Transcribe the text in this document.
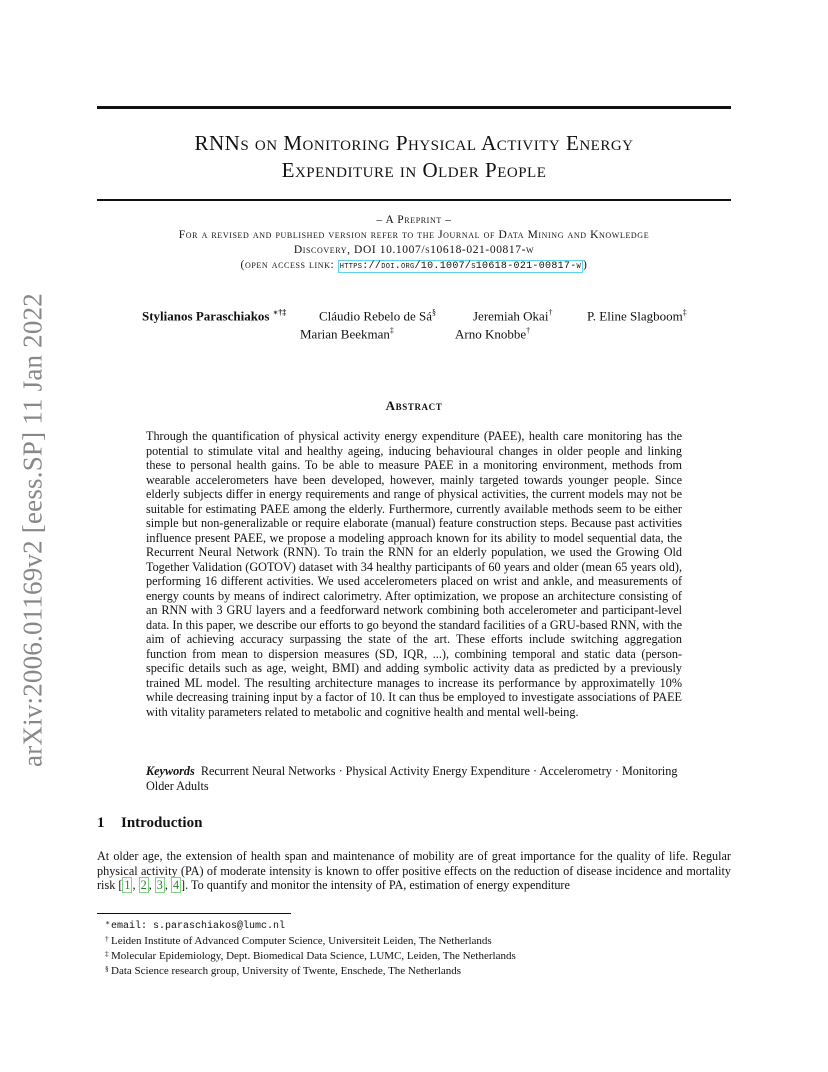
arXiv:2006.01169v2 [eess.SP] 11 Jan 2022
RNNs on Monitoring Physical Activity Energy
Expenditure in Older People
– A Preprint –
For a revised and published version refer to the Journal of Data Mining and Knowledge
Discovery, DOI 10.1007/s10618-021-00817-w
(open access link: https://doi.org/10.1007/s10618-021-00817-w )
Stylianos Paraschiakos ∗†‡	Cláudio Rebelo de Sá§	Jeremiah Okai†	P. Eline Slagboom‡
Marian Beekman‡	Arno Knobbe†
Abstract
Through the quantification of physical activity energy expenditure (PAEE), health care monitoring has the potential to stimulate vital and healthy ageing, inducing behavioural changes in older people and linking these to personal health gains. To be able to measure PAEE in a monitoring environment, methods from wearable accelerometers have been developed, however, mainly targeted towards younger people. Since elderly subjects differ in energy requirements and range of physical activities, the current models may not be suitable for estimating PAEE among the elderly. Furthermore, currently available methods seem to be either simple but non-generalizable or require elaborate (manual) feature construction steps. Because past activities influence present PAEE, we propose a modeling approach known for its ability to model sequential data, the Recurrent Neural Network (RNN). To train the RNN for an elderly population, we used the Growing Old Together Validation (GOTOV) dataset with 34 healthy participants of 60 years and older (mean 65 years old), performing 16 different activities. We used accelerometers placed on wrist and ankle, and measurements of energy counts by means of indirect calorimetry. After optimization, we propose an architecture consisting of an RNN with 3 GRU layers and a feedforward network combining both accelerometer and participant-level data. In this paper, we describe our efforts to go beyond the standard facilities of a GRU-based RNN, with the aim of achieving accuracy surpassing the state of the art. These efforts include switching aggregation function from mean to dispersion measures (SD, IQR, ...), combining temporal and static data (person-specific details such as age, weight, BMI) and adding symbolic activity data as predicted by a previously trained ML model. The resulting architecture manages to increase its performance by approximatelly 10% while decreasing training input by a factor of 10. It can thus be employed to investigate associations of PAEE with vitality parameters related to metabolic and cognitive health and mental well-being.
Keywords Recurrent Neural Networks · Physical Activity Energy Expenditure · Accelerometry · Monitoring Older Adults
1 Introduction
At older age, the extension of health span and maintenance of mobility are of great importance for the quality of life. Regular physical activity (PA) of moderate intensity is known to offer positive effects on the reduction of disease incidence and mortality risk [ 1 , 2 , 3 , 4 ]. To quantify and monitor the intensity of PA, estimation of energy expenditure
∗ email: s.paraschiakos@lumc.nl
† Leiden Institute of Advanced Computer Science, Universiteit Leiden, The Netherlands
‡ Molecular Epidemiology, Dept. Biomedical Data Science, LUMC, Leiden, The Netherlands
§ Data Science research group, University of Twente, Enschede, The Netherlands
